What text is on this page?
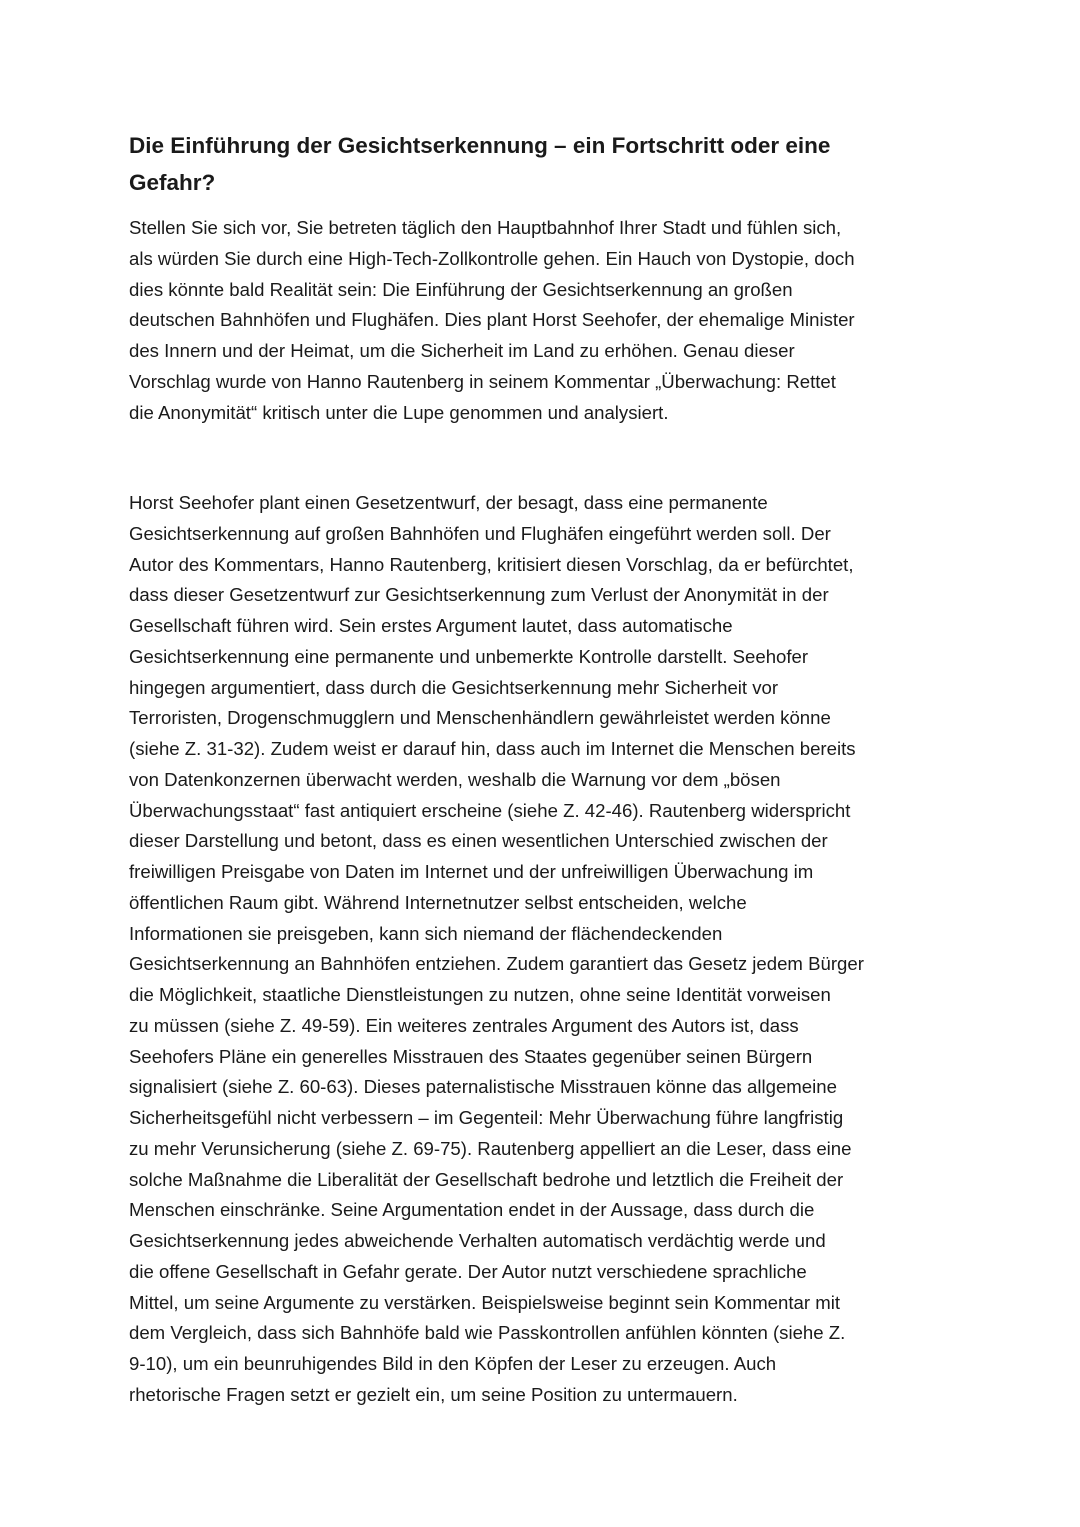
Die Einführung der Gesichtserkennung – ein Fortschritt oder eine
Gefahr?
Stellen Sie sich vor, Sie betreten täglich den Hauptbahnhof Ihrer Stadt und fühlen sich,
als würden Sie durch eine High-Tech-Zollkontrolle gehen. Ein Hauch von Dystopie, doch
dies könnte bald Realität sein: Die Einführung der Gesichtserkennung an großen
deutschen Bahnhöfen und Flughäfen. Dies plant Horst Seehofer, der ehemalige Minister
des Innern und der Heimat, um die Sicherheit im Land zu erhöhen. Genau dieser
Vorschlag wurde von Hanno Rautenberg in seinem Kommentar „Überwachung: Rettet
die Anonymität“ kritisch unter die Lupe genommen und analysiert.
Horst Seehofer plant einen Gesetzentwurf, der besagt, dass eine permanente
Gesichtserkennung auf großen Bahnhöfen und Flughäfen eingeführt werden soll. Der
Autor des Kommentars, Hanno Rautenberg, kritisiert diesen Vorschlag, da er befürchtet,
dass dieser Gesetzentwurf zur Gesichtserkennung zum Verlust der Anonymität in der
Gesellschaft führen wird. Sein erstes Argument lautet, dass automatische
Gesichtserkennung eine permanente und unbemerkte Kontrolle darstellt. Seehofer
hingegen argumentiert, dass durch die Gesichtserkennung mehr Sicherheit vor
Terroristen, Drogenschmugglern und Menschenhändlern gewährleistet werden könne
(siehe Z. 31-32). Zudem weist er darauf hin, dass auch im Internet die Menschen bereits
von Datenkonzernen überwacht werden, weshalb die Warnung vor dem „bösen
Überwachungsstaat“ fast antiquiert erscheine (siehe Z. 42-46). Rautenberg widerspricht
dieser Darstellung und betont, dass es einen wesentlichen Unterschied zwischen der
freiwilligen Preisgabe von Daten im Internet und der unfreiwilligen Überwachung im
öffentlichen Raum gibt. Während Internetnutzer selbst entscheiden, welche
Informationen sie preisgeben, kann sich niemand der flächendeckenden
Gesichtserkennung an Bahnhöfen entziehen. Zudem garantiert das Gesetz jedem Bürger
die Möglichkeit, staatliche Dienstleistungen zu nutzen, ohne seine Identität vorweisen
zu müssen (siehe Z. 49-59). Ein weiteres zentrales Argument des Autors ist, dass
Seehofers Pläne ein generelles Misstrauen des Staates gegenüber seinen Bürgern
signalisiert (siehe Z. 60-63). Dieses paternalistische Misstrauen könne das allgemeine
Sicherheitsgefühl nicht verbessern – im Gegenteil: Mehr Überwachung führe langfristig
zu mehr Verunsicherung (siehe Z. 69-75). Rautenberg appelliert an die Leser, dass eine
solche Maßnahme die Liberalität der Gesellschaft bedrohe und letztlich die Freiheit der
Menschen einschränke. Seine Argumentation endet in der Aussage, dass durch die
Gesichtserkennung jedes abweichende Verhalten automatisch verdächtig werde und
die offene Gesellschaft in Gefahr gerate. Der Autor nutzt verschiedene sprachliche
Mittel, um seine Argumente zu verstärken. Beispielsweise beginnt sein Kommentar mit
dem Vergleich, dass sich Bahnhöfe bald wie Passkontrollen anfühlen könnten (siehe Z.
9-10), um ein beunruhigendes Bild in den Köpfen der Leser zu erzeugen. Auch
rhetorische Fragen setzt er gezielt ein, um seine Position zu untermauern.
